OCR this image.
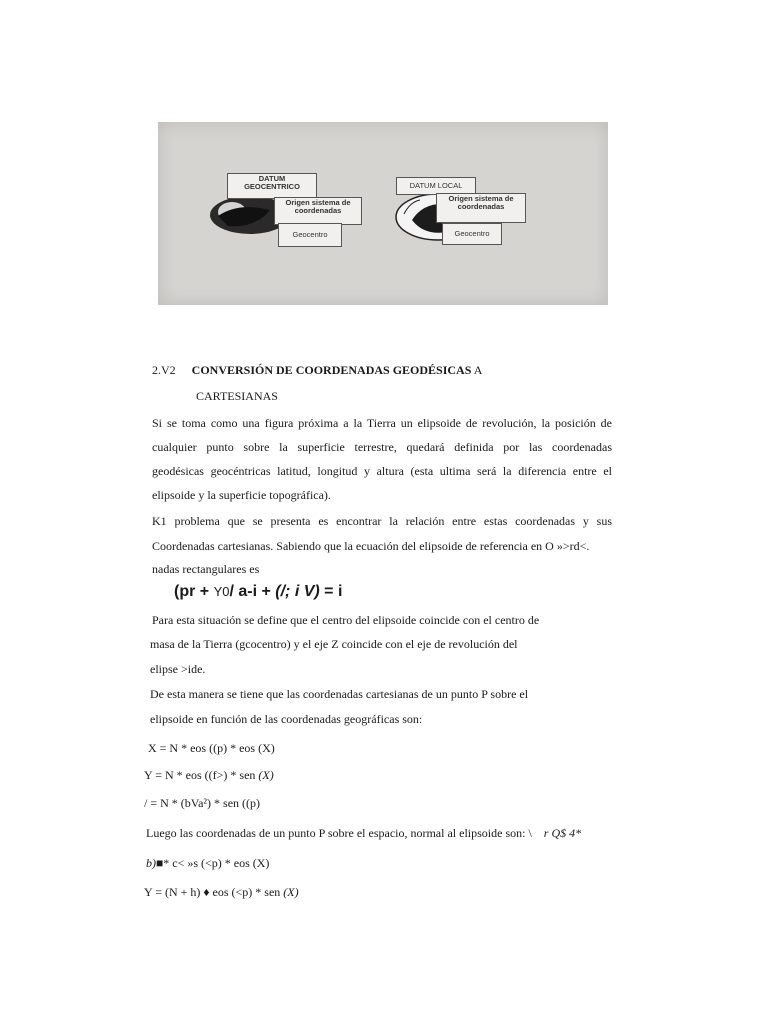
DATUM
GEOCENTRICO
Origen sistema de
coordenadas
Geocentro
DATUM LOCAL
Origen sistema de
coordenadas
Geocentro
2.V2 CONVERSIÓN DE COORDENADAS GEODÉSICAS A
CARTESIANAS
Si se toma como una figura próxima a la Tierra un elipsoide de revolución, la posición de
cualquier punto sobre la superficie terrestre, quedará definida por las coordenadas
geodésicas geocéntricas latitud, longitud y altura (esta ultima será la diferencia entre el
elipsoide y la superficie topográfica).
K1 problema que se presenta es encontrar la relación entre estas coordenadas y sus
Coordenadas cartesianas. Sabiendo que la ecuación del elipsoide de referencia en O »>rd<.
nadas rectangulares es
(pr + Y0/ a-i + (/; i V) = i
Para esta situación se define que el centro del elipsoide coincide con el centro de
masa de la Tierra (gcocentro) y el eje Z coincide con el eje de revolución del
elipse >ide.
De esta manera se tiene que las coordenadas cartesianas de un punto P sobre el
elipsoide en función de las coordenadas geográficas son:
X = N * eos ((p) * eos (X)
Y = N * eos ((f>) * sen (X)
/ = N * (bVa²) * sen ((p)
Luego las coordenadas de un punto P sobre el espacio, normal al elipsoide son: \ r Q$ 4*
b)■* c< »s (<p) * eos (X)
Y = (N + h) ♦ eos (<p) * sen (X)
